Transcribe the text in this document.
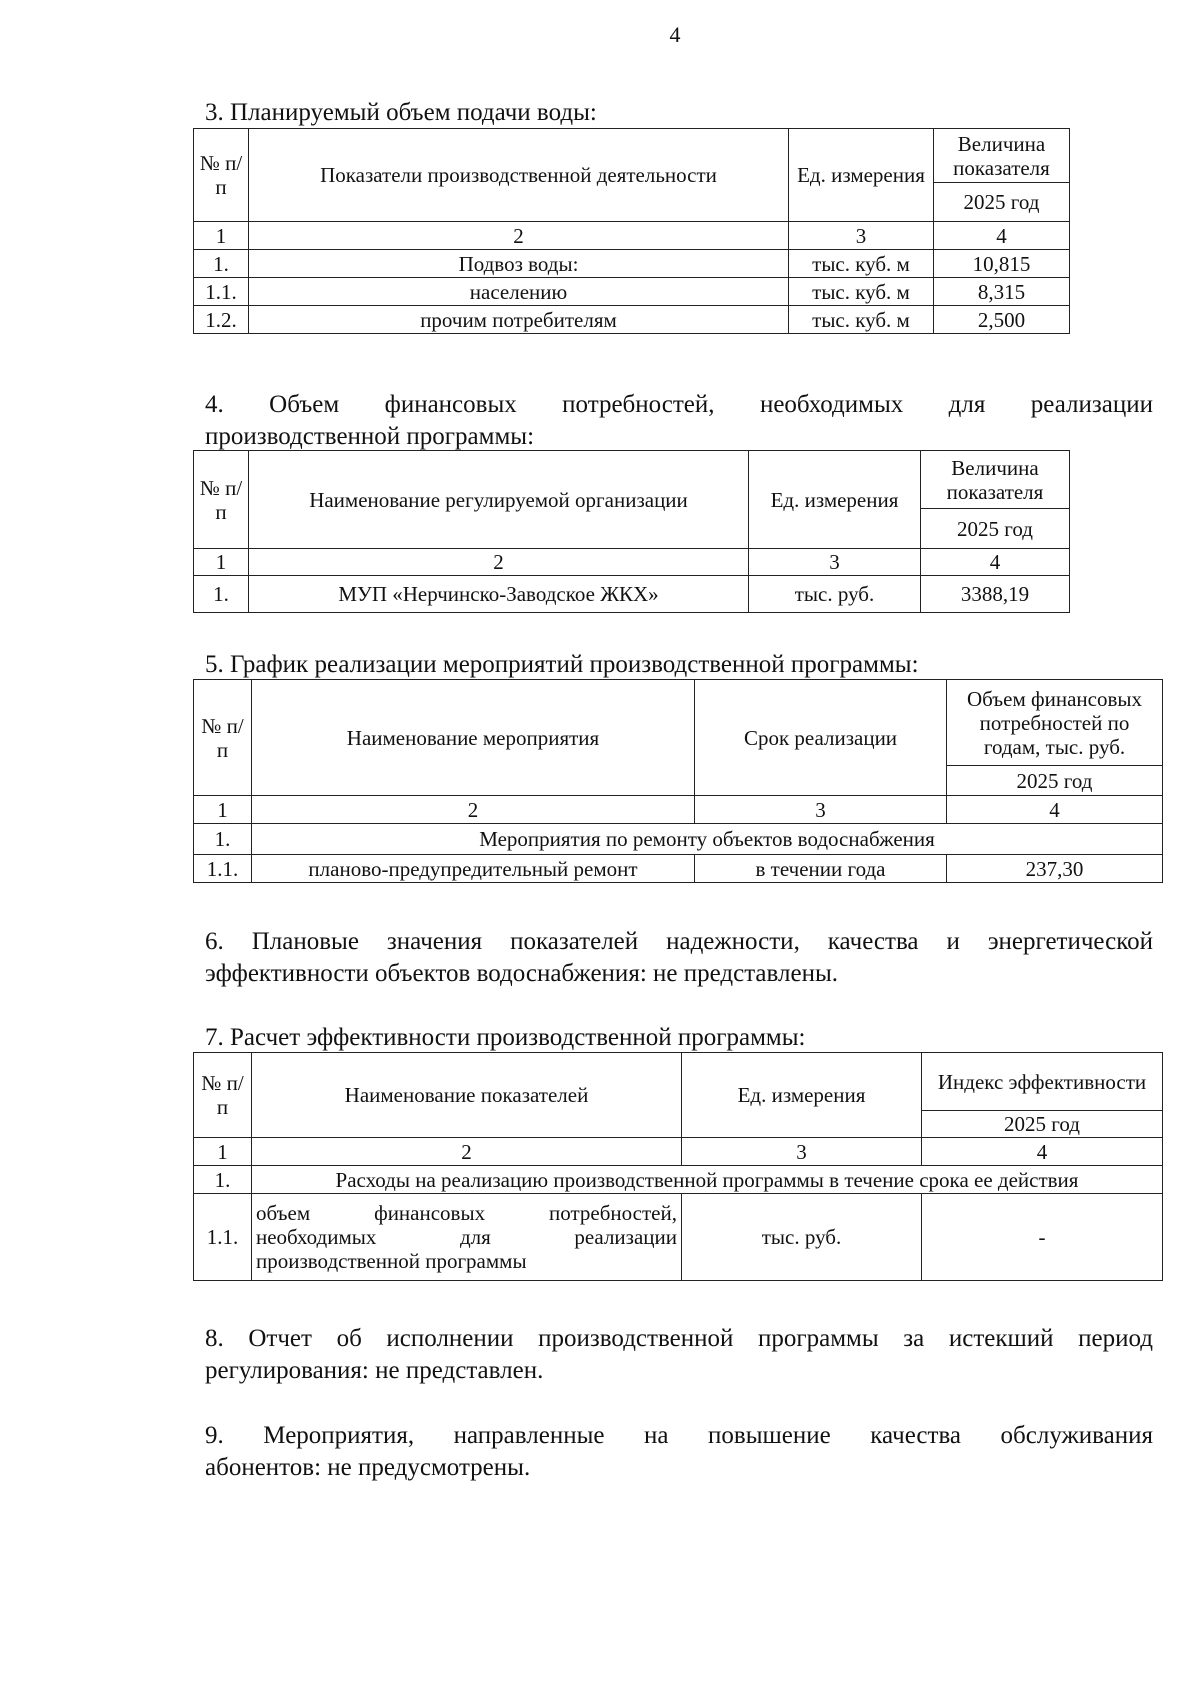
4
3. Планируемый объем подачи воды:
№ п/п	Показатели производственной деятельности	Ед. измерения	Величина показателя
			2025 год
1	2	3	4
1.	Подвоз воды:	тыс. куб. м	10,815
1.1.	населению	тыс. куб. м	8,315
1.2.	прочим потребителям	тыс. куб. м	2,500
4. Объем финансовых потребностей, необходимых для реализации
производственной программы:
№ п/п	Наименование регулируемой организации	Ед. измерения	Величина показателя
			2025 год
1	2	3	4
1.	МУП «Нерчинско-Заводское ЖКХ»	тыс. руб.	3388,19
5. График реализации мероприятий производственной программы:
№ п/п	Наименование мероприятия	Срок реализации	Объем финансовых потребностей по годам, тыс. руб.
			2025 год
1	2	3	4
1.	Мероприятия по ремонту объектов водоснабжения		
1.1.	планово-предупредительный ремонт	в течении года	237,30
6. Плановые значения показателей надежности, качества и энергетической
эффективности объектов водоснабжения: не представлены.
7. Расчет эффективности производственной программы:
№ п/п	Наименование показателей	Ед. измерения	Индекс эффективности
			2025 год
1	2	3	4
1.	Расходы на реализацию производственной программы в течение срока ее действия		
1.1.	объем финансовых потребностей,
необходимых для реализации
производственной программы	тыс. руб.	-
8. Отчет об исполнении производственной программы за истекший период
регулирования: не представлен.
9. Мероприятия, направленные на повышение качества обслуживания
абонентов: не предусмотрены.
